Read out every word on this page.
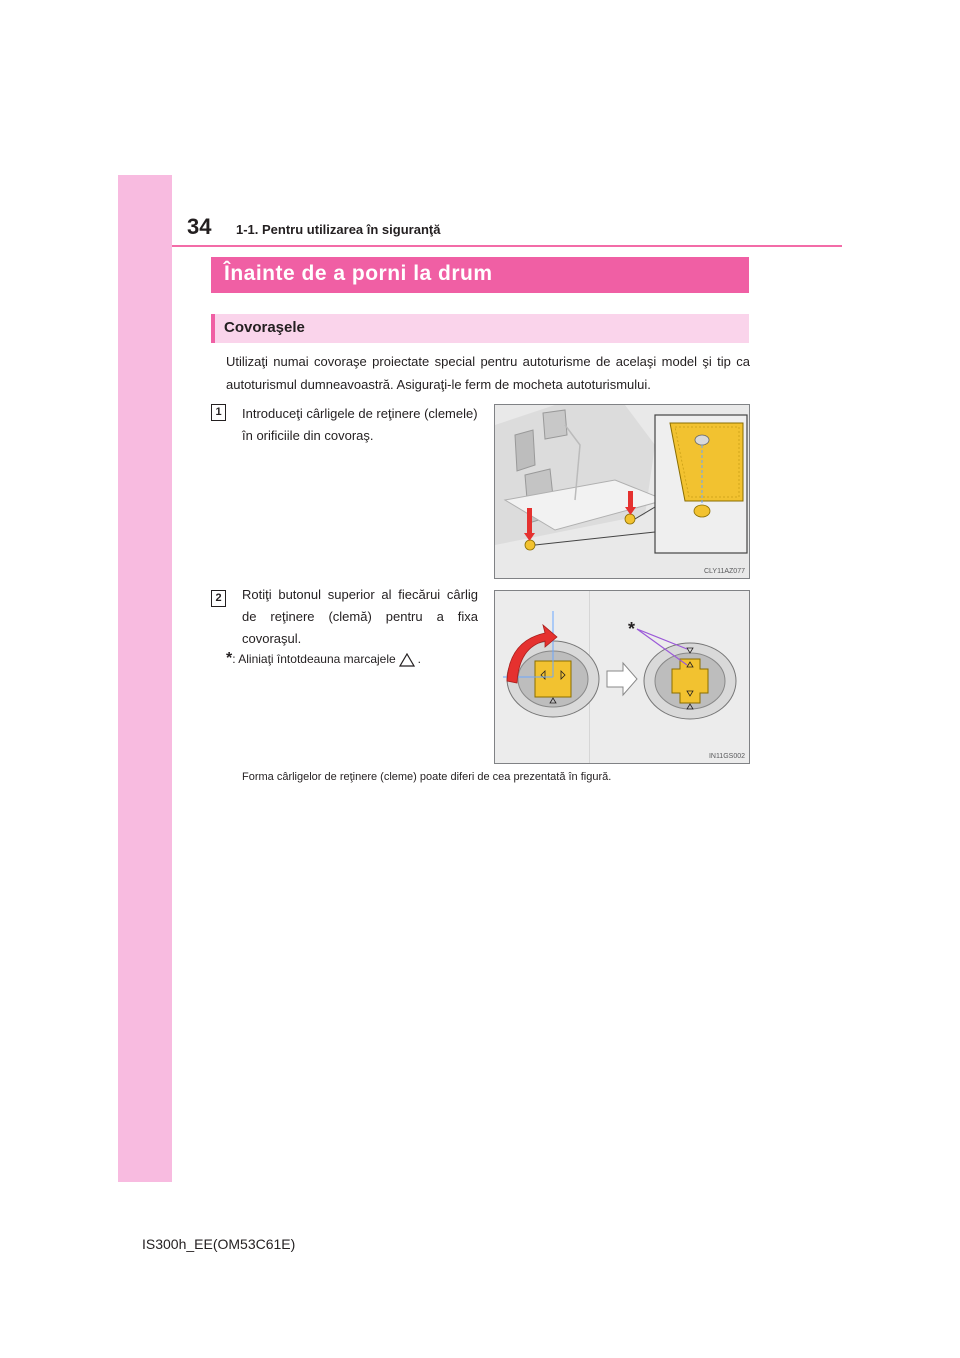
34 1-1. Pentru utilizarea în siguranţă
Înainte de a porni la drum
Covoraşele
Utilizaţi numai covoraşe proiectate special pentru autoturisme de acelaşi model şi tip ca autoturismul dumneavoastră. Asiguraţi-le ferm de mocheta autoturismului.
1	Introduceţi cârligele de reţinere (clemele) în orificiile din covoraş.
CLY11AZ077
2	Rotiţi butonul superior al fiecărui cârlig de reţinere (clemă) pentru a fixa covoraşul.
*: Aliniaţi întotdeauna marcajele .
*
IN11GS002
Forma cârligelor de reţinere (cleme) poate diferi de cea prezentată în figură.
IS300h_EE(OM53C61E)
